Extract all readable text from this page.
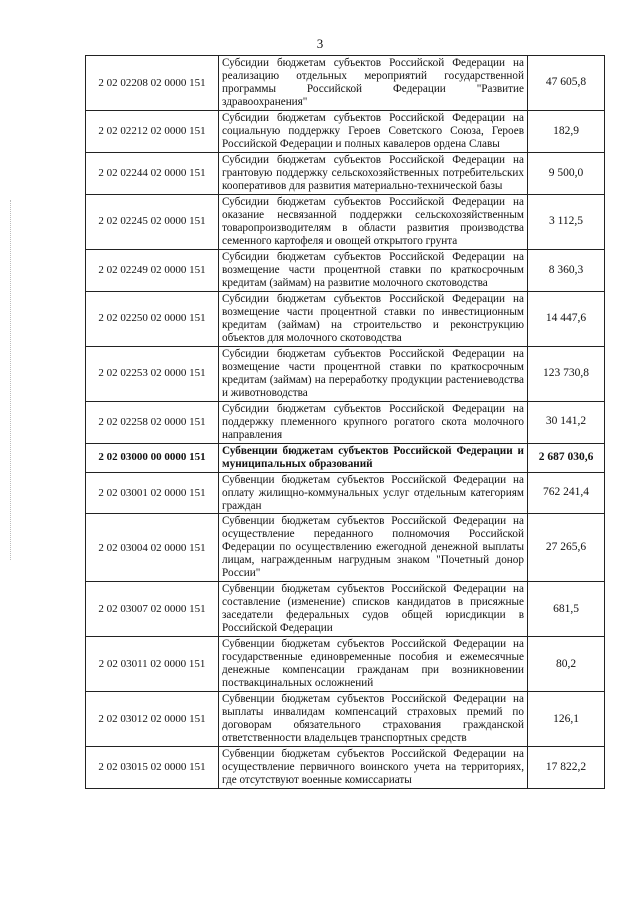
3
2 02 02208 02 0000 151	Субсидии бюджетам субъектов Российской Федерации на реализацию отдельных мероприятий государственной программы Российской Федерации "Развитие здравоохранения"	47 605,8
2 02 02212 02 0000 151	Субсидии бюджетам субъектов Российской Федерации на социальную поддержку Героев Советского Союза, Героев Российской Федерации и полных кавалеров ордена Славы	182,9
2 02 02244 02 0000 151	Субсидии бюджетам субъектов Российской Федерации на грантовую поддержку сельскохозяйственных потребительских кооперативов для развития материально-технической базы	9 500,0
2 02 02245 02 0000 151	Субсидии бюджетам субъектов Российской Федерации на оказание несвязанной поддержки сельскохозяйственным товаропроизводителям в области развития производства семенного картофеля и овощей открытого грунта	3 112,5
2 02 02249 02 0000 151	Субсидии бюджетам субъектов Российской Федерации на возмещение части процентной ставки по краткосрочным кредитам (займам) на развитие молочного скотоводства	8 360,3
2 02 02250 02 0000 151	Субсидии бюджетам субъектов Российской Федерации на возмещение части процентной ставки по инвестиционным кредитам (займам) на строительство и реконструкцию объектов для молочного скотоводства	14 447,6
2 02 02253 02 0000 151	Субсидии бюджетам субъектов Российской Федерации на возмещение части процентной ставки по краткосрочным кредитам (займам) на переработку продукции растениеводства и животноводства	123 730,8
2 02 02258 02 0000 151	Субсидии бюджетам субъектов Российской Федерации на поддержку племенного крупного рогатого скота молочного направления	30 141,2
2 02 03000 00 0000 151	Субвенции бюджетам субъектов Российской Федерации и муниципальных образований	2 687 030,6
2 02 03001 02 0000 151	Субвенции бюджетам субъектов Российской Федерации на оплату жилищно-коммунальных услуг отдельным категориям граждан	762 241,4
2 02 03004 02 0000 151	Субвенции бюджетам субъектов Российской Федерации на осуществление переданного полномочия Российской Федерации по осуществлению ежегодной денежной выплаты лицам, награжденным нагрудным знаком "Почетный донор России"	27 265,6
2 02 03007 02 0000 151	Субвенции бюджетам субъектов Российской Федерации на составление (изменение) списков кандидатов в присяжные заседатели федеральных судов общей юрисдикции в Российской Федерации	681,5
2 02 03011 02 0000 151	Субвенции бюджетам субъектов Российской Федерации на государственные единовременные пособия и ежемесячные денежные компенсации гражданам при возникновении поствакцинальных осложнений	80,2
2 02 03012 02 0000 151	Субвенции бюджетам субъектов Российской Федерации на выплаты инвалидам компенсаций страховых премий по договорам обязательного страхования гражданской ответственности владельцев транспортных средств	126,1
2 02 03015 02 0000 151	Субвенции бюджетам субъектов Российской Федерации на осуществление первичного воинского учета на территориях, где отсутствуют военные комиссариаты	17 822,2
